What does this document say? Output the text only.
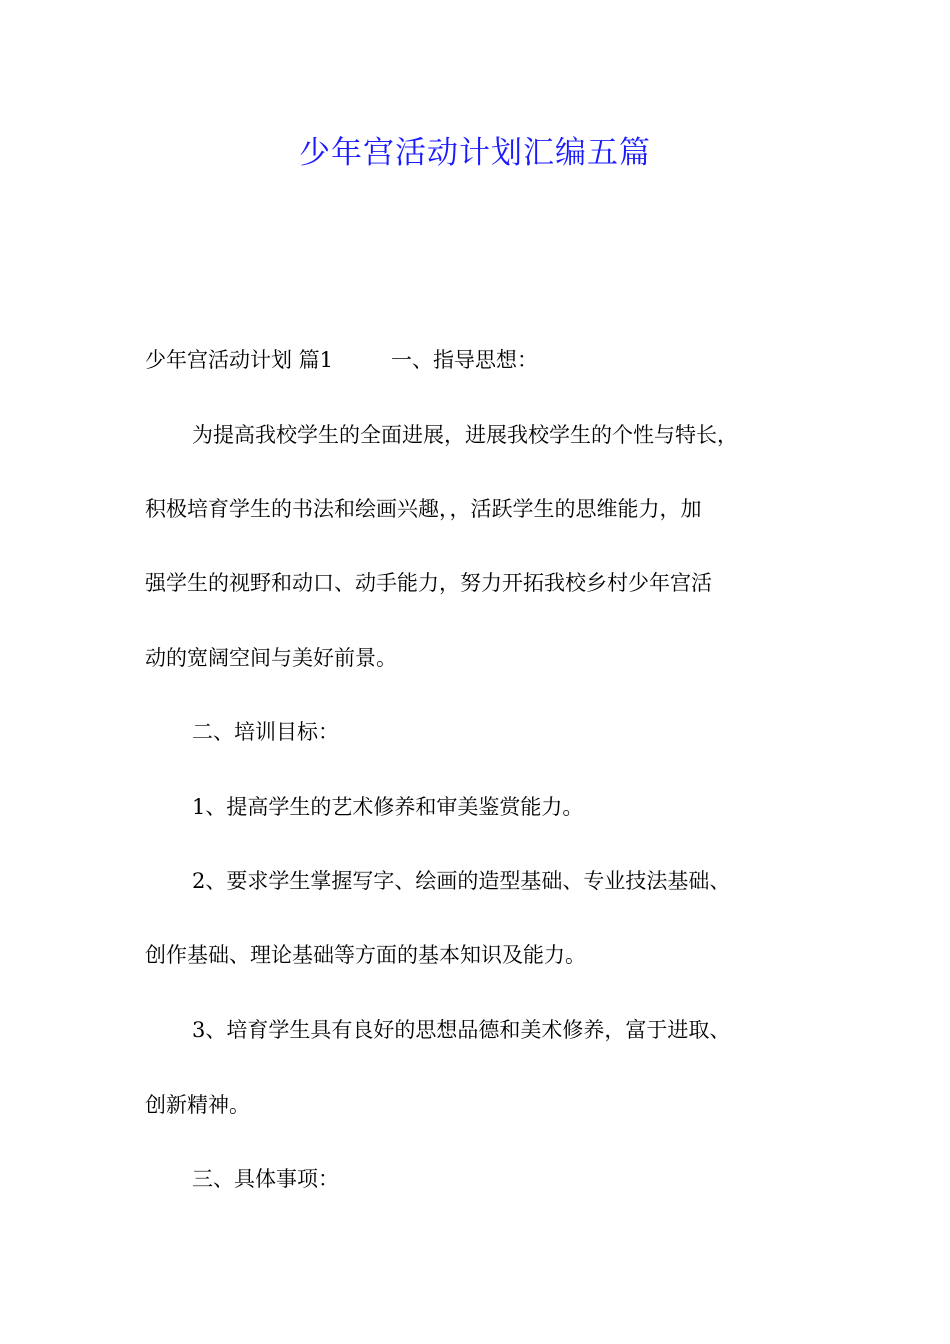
少年宫活动计划汇编五篇
少年宫活动计划 篇1	一、指导思想：
为提高我校学生的全面进展，进展我校学生的个性与特长，
积极培育学生的书法和绘画兴趣，，活跃学生的思维能力，加
强学生的视野和动口、动手能力，努力开拓我校乡村少年宫活
动的宽阔空间与美好前景。
二、培训目标：
1、提高学生的艺术修养和审美鉴赏能力。
2、要求学生掌握写字、绘画的造型基础、专业技法基础、
创作基础、理论基础等方面的基本知识及能力。
3、培育学生具有良好的思想品德和美术修养，富于进取、
创新精神。
三、具体事项：
